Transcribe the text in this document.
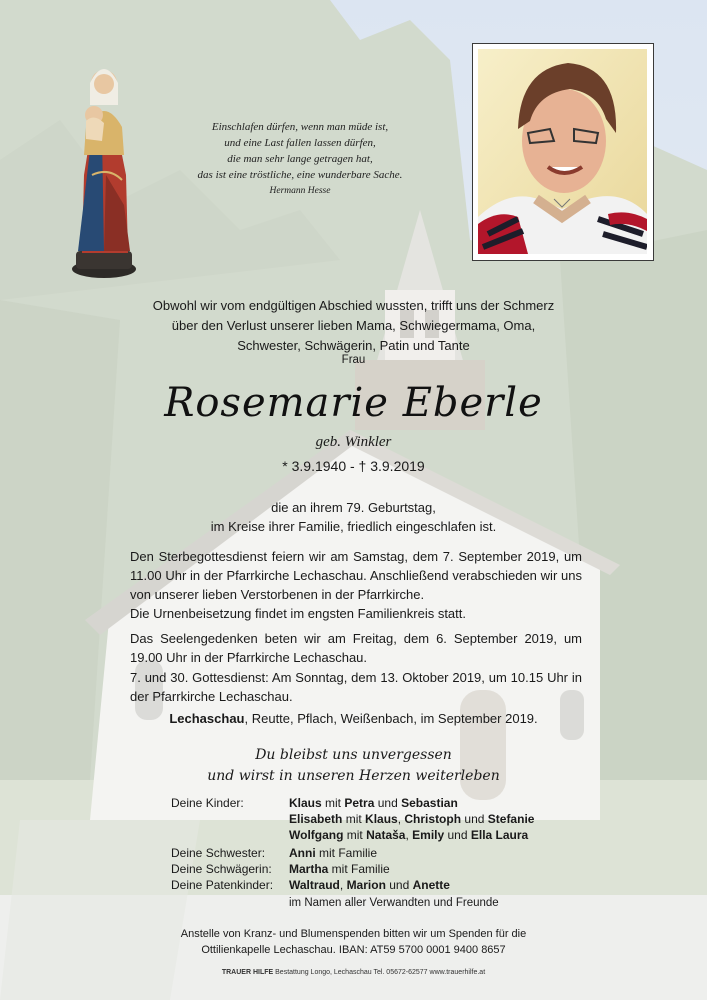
Einschlafen dürfen, wenn man müde ist,
und eine Last fallen lassen dürfen,
die man sehr lange getragen hat,
das ist eine tröstliche, eine wunderbare Sache.
Hermann Hesse
Obwohl wir vom endgültigen Abschied wussten, trifft uns der Schmerz
über den Verlust unserer lieben Mama, Schwiegermama, Oma,
Schwester, Schwägerin, Patin und Tante
Frau
Rosemarie Eberle
geb. Winkler
* 3.9.1940 - † 3.9.2019
die an ihrem 79. Geburtstag,
im Kreise ihrer Familie, friedlich eingeschlafen ist.
Den Sterbegottesdienst feiern wir am Samstag, dem 7. September 2019, um 11.00 Uhr in der Pfarrkirche Lechaschau. Anschließend verabschieden wir uns von unserer lieben Verstorbenen in der Pfarrkirche.
Die Urnenbeisetzung findet im engsten Familienkreis statt.
Das Seelengedenken beten wir am Freitag, dem 6. September 2019, um 19.00 Uhr in der Pfarrkirche Lechaschau.
7. und 30. Gottesdienst: Am Sonntag, dem 13. Oktober 2019, um 10.15 Uhr in der Pfarrkirche Lechaschau.
Lechaschau, Reutte, Pflach, Weißenbach, im September 2019.
Du bleibst uns unvergessen
und wirst in unseren Herzen weiterleben
Deine Kinder:	Klaus mit Petra und Sebastian
Elisabeth mit Klaus, Christoph und Stefanie
Wolfgang mit Nataša, Emily und Ella Laura
Deine Schwester: Anni mit Familie
Deine Schwägerin: Martha mit Familie
Deine Patenkinder: Waltraud, Marion und Anette
im Namen aller Verwandten und Freunde
Anstelle von Kranz- und Blumenspenden bitten wir um Spenden für die
Ottilienkapelle Lechaschau. IBAN: AT59 5700 0001 9400 8657
TRAUER HILFE Bestattung Longo, Lechaschau Tel. 05672-62577 www.trauerhilfe.at
